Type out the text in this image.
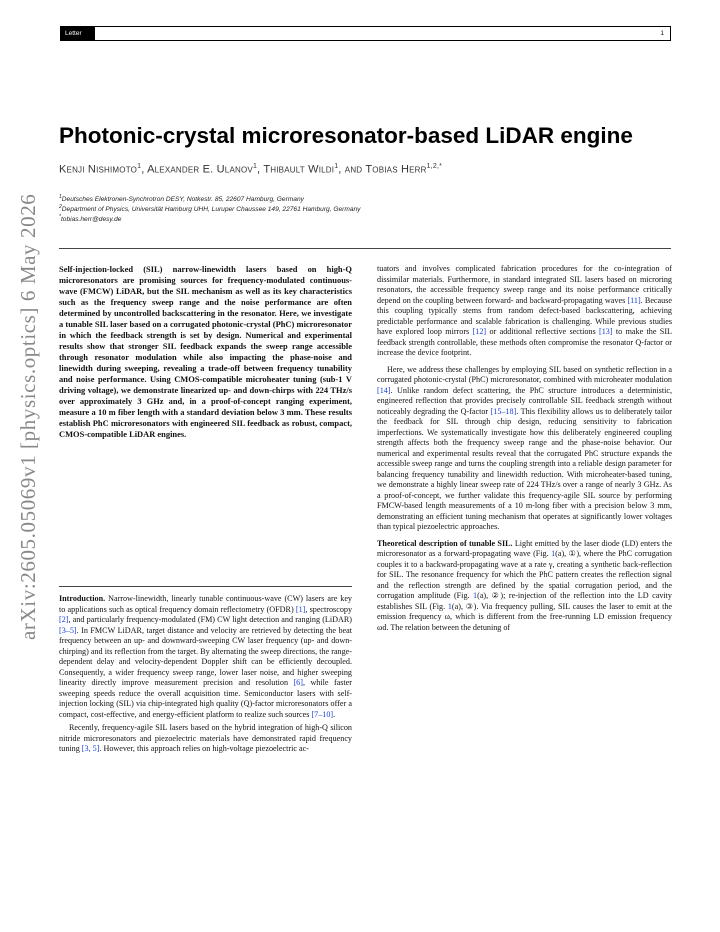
Letter	1
arXiv:2605.05069v1 [physics.optics] 6 May 2026
Photonic-crystal microresonator-based LiDAR engine
Kenji Nishimoto$^1$, Alexander E. Ulanov$^1$, Thibault Wildi$^1$, and Tobias Herr$^{1,2,*}$
$^1$Deutsches Elektronen-Synchrotron DESY, Notkestr. 85, 22607 Hamburg, Germany
$^2$Department of Physics, Universität Hamburg UHH, Luruper Chaussee 149, 22761 Hamburg, Germany
*tobias.herr@desy.de

Self-injection-locked (SIL) narrow-linewidth lasers based on high-Q microresonators are promising sources for frequency-modulated continuous-wave (FMCW) LiDAR, but the SIL mechanism as well as its key characteristics such as the frequency sweep range and the noise performance are often determined by uncontrolled backscattering in the resonator. Here, we investigate a tunable SIL laser based on a corrugated photonic-crystal (PhC) microresonator in which the feedback strength is set by design. Numerical and experimental results show that stronger SIL feedback expands the sweep range accessible through resonator modulation while also impacting the phase-noise and linewidth during sweeping, revealing a trade-off between frequency tunability and noise performance. Using CMOS-compatible microheater tuning (sub-1 V driving voltage), we demonstrate linearized up- and down-chirps with 224 THz/s over approximately 3 GHz and, in a proof-of-concept ranging experiment, measure a 10 m fiber length with a standard deviation below 3 mm. These results establish PhC microresonators with engineered SIL feedback as robust, compact, CMOS-compatible LiDAR engines.

Introduction. Narrow-linewidth, linearly tunable continuous-wave (CW) lasers are key to applications such as optical frequency domain reflectometry (OFDR) [1], spectroscopy [2], and particularly frequency-modulated (FM) CW light detection and ranging (LiDAR) [3–5]. In FMCW LiDAR, target distance and velocity are retrieved by detecting the beat frequency between an up- and downward-sweeping CW laser frequency (up- and down-chirping) and its reflection from the target. By alternating the sweep directions, the range-dependent delay and velocity-dependent Doppler shift can be efficiently decoupled. Consequently, a wider frequency sweep range, lower laser noise, and higher sweeping linearity directly improve measurement precision and resolution [6], while faster sweeping speeds reduce the overall acquisition time. Semiconductor lasers with self-injection locking (SIL) via chip-integrated high quality (Q)-factor microresonators offer a compact, cost-effective, and energy-efficient platform to realize such sources [7–10].

Recently, frequency-agile SIL lasers based on the hybrid integration of high-Q silicon nitride microresonators and piezoelectric materials have demonstrated rapid frequency tuning [3, 5]. However, this approach relies on high-voltage piezoelectric ac-

tuators and involves complicated fabrication procedures for the co-integration of dissimilar materials. Furthermore, in standard integrated SIL lasers based on microring resonators, the accessible frequency sweep range and its noise performance critically depend on the coupling between forward- and backward-propagating waves [11]. Because this coupling typically stems from random defect-based backscattering, achieving predictable performance and scalable fabrication is challenging. While previous studies have explored loop mirrors [12] or additional reflective sections [13] to make the SIL feedback strength controllable, these methods often compromise the resonator Q-factor or increase the device footprint.

Here, we address these challenges by employing SIL based on synthetic reflection in a corrugated photonic-crystal (PhC) microresonator, combined with microheater modulation [14]. Unlike random defect scattering, the PhC structure introduces a deterministic, engineered reflection that provides precisely controllable SIL feedback strength without noticeably degrading the Q-factor [15–18]. This flexibility allows us to deliberately tailor the feedback for SIL through chip design, reducing sensitivity to fabrication imperfections. We systematically investigate how this deliberately engineered coupling strength affects both the frequency sweep range and the phase-noise behavior. Our numerical and experimental results reveal that the corrugated PhC structure expands the accessible sweep range and turns the coupling strength into a reliable design parameter for balancing frequency tunability and linewidth reduction. With microheater-based tuning, we demonstrate a highly linear sweep rate of 224 THz/s over a range of nearly 3 GHz. As a proof-of-concept, we further validate this frequency-agile SIL source by performing FMCW-based length measurements of a 10 m-long fiber with a precision below 3 mm, demonstrating an efficient tuning mechanism that operates at significantly lower voltages than typical piezoelectric approaches.

Theoretical description of tunable SIL. Light emitted by the laser diode (LD) enters the microresonator as a forward-propagating wave (Fig. 1(a), ①), where the PhC corrugation couples it to a backward-propagating wave at a rate γ, creating a synthetic back-reflection for SIL. The resonance frequency for which the PhC pattern creates the reflection signal and the reflection strength are defined by the spatial corrugation period, and the corrugation amplitude (Fig. 1(a), ②); re-injection of the reflection into the LD cavity establishes SIL (Fig. 1(a), ③). Via frequency pulling, SIL causes the laser to emit at the emission frequency ω, which is different from the free-running LD emission frequency ωd. The relation between the detuning of
